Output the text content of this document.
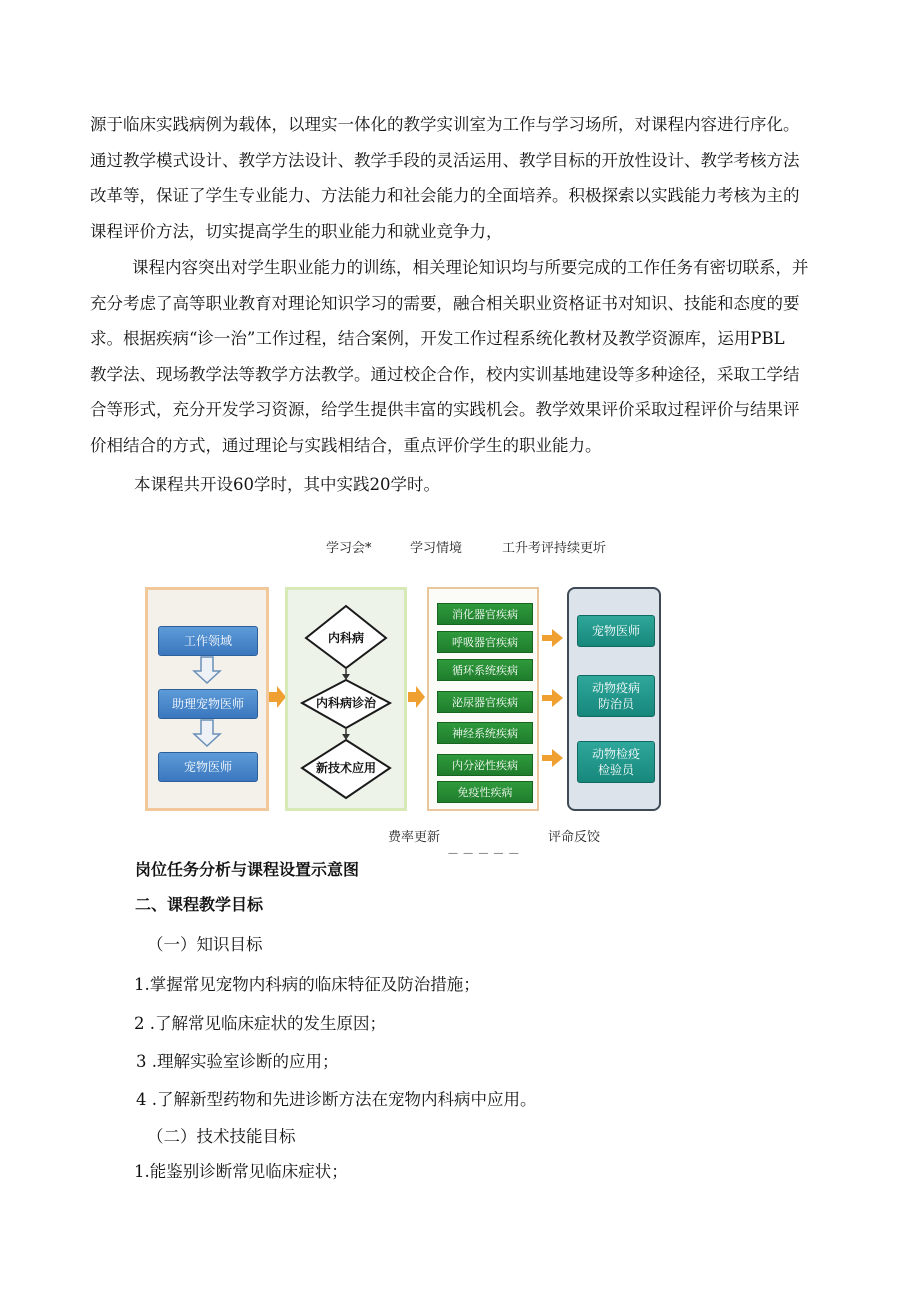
源于临床实践病例为载体，以理实一体化的教学实训室为工作与学习场所，对课程内容进行序化。
通过教学模式设计、教学方法设计、教学手段的灵活运用、教学目标的开放性设计、教学考核方法
改革等，保证了学生专业能力、方法能力和社会能力的全面培养。积极探索以实践能力考核为主的
课程评价方法，切实提高学生的职业能力和就业竞争力，
课程内容突出对学生职业能力的训练，相关理论知识均与所要完成的工作任务有密切联系，并
充分考虑了高等职业教育对理论知识学习的需要，融合相关职业资格证书对知识、技能和态度的要
求。根据疾病“诊一治”工作过程，结合案例，开发工作过程系统化教材及教学资源库，运用PBL
教学法、现场教学法等教学方法教学。通过校企合作，校内实训基地建设等多种途径，采取工学结
合等形式，充分开发学习资源，给学生提供丰富的实践机会。教学效果评价采取过程评价与结果评
价相结合的方式，通过理论与实践相结合，重点评价学生的职业能力。
本课程共开设60学时，其中实践20学时。
学习会*	学习情境	工升考评持续更圻
工作领域
助理宠物医师
宠物医师
内科病
内科病诊治
新技术应用
消化器官疾病
呼吸器官疾病
循环系统疾病
泌尿器官疾病
神经系统疾病
内分泌性疾病
免疫性疾病
宠物医师
动物疫病
防治员
动物检疫
检验员
费率更新	评命反饺
— — — — —
岗位任务分析与课程设置示意图
二、课程教学目标
（一）知识目标
1.掌握常见宠物内科病的临床特征及防治措施；
2 .了解常见临床症状的发生原因；
3 .理解实验室诊断的应用；
4 .了解新型药物和先进诊断方法在宠物内科病中应用。
（二）技术技能目标
1.能鉴别诊断常见临床症状；
